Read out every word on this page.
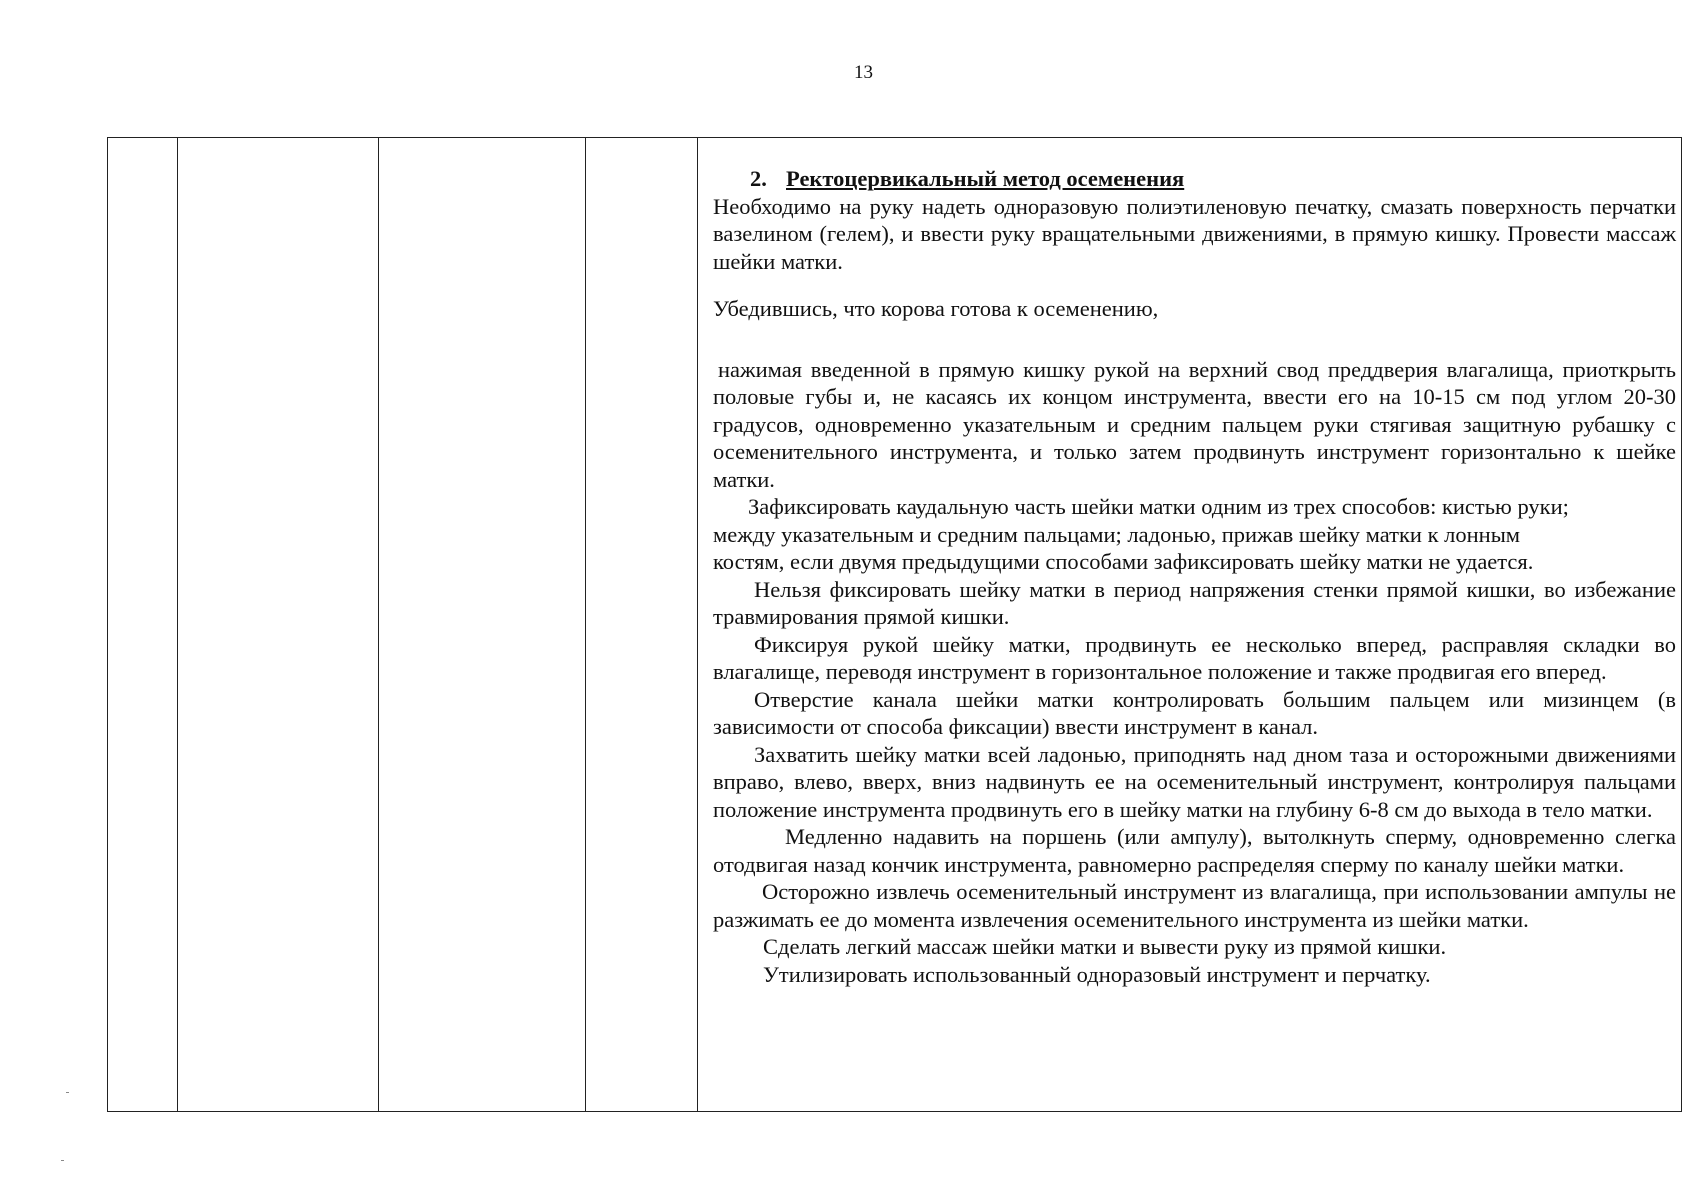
13

2. Ректоцервикальный метод осеменения

Необходимо на руку надеть одноразовую полиэтиленовую печатку, смазать поверхность перчатки вазелином (гелем), и ввести руку вращательными движениями, в прямую кишку. Провести массаж шейки матки.

Убедившись, что корова готова к осеменению,

нажимая введенной в прямую кишку рукой на верхний свод преддверия влагалища, приоткрыть половые губы и, не касаясь их концом инструмента, ввести его на 10-15 см под углом 20-30 градусов, одновременно указательным и средним пальцем руки стягивая защитную рубашку с осеменительного инструмента, и только затем продвинуть инструмент горизонтально к шейке матки.

Зафиксировать каудальную часть шейки матки одним из трех способов: кистью руки;

между указательным и средним пальцами; ладонью, прижав шейку матки к лонным

костям, если двумя предыдущими способами зафиксировать шейку матки не удается.

Нельзя фиксировать шейку матки в период напряжения стенки прямой кишки, во избежание травмирования прямой кишки.

Фиксируя рукой шейку матки, продвинуть ее несколько вперед, расправляя складки во влагалище, переводя инструмент в горизонтальное положение и также продвигая его вперед.

Отверстие канала шейки матки контролировать большим пальцем или мизинцем (в зависимости от способа фиксации) ввести инструмент в канал.

Захватить шейку матки всей ладонью, приподнять над дном таза и осторожными движениями вправо, влево, вверх, вниз надвинуть ее на осеменительный инструмент, контролируя пальцами положение инструмента продвинуть его в шейку матки на глубину 6-8 см до выхода в тело матки.

Медленно надавить на поршень (или ампулу), вытолкнуть сперму, одновременно слегка отодвигая назад кончик инструмента, равномерно распределяя сперму по каналу шейки матки.

Осторожно извлечь осеменительный инструмент из влагалища, при использовании ампулы не разжимать ее до момента извлечения осеменительного инструмента из шейки матки.

Сделать легкий массаж шейки матки и вывести руку из прямой кишки.

Утилизировать использованный одноразовый инструмент и перчатку.
